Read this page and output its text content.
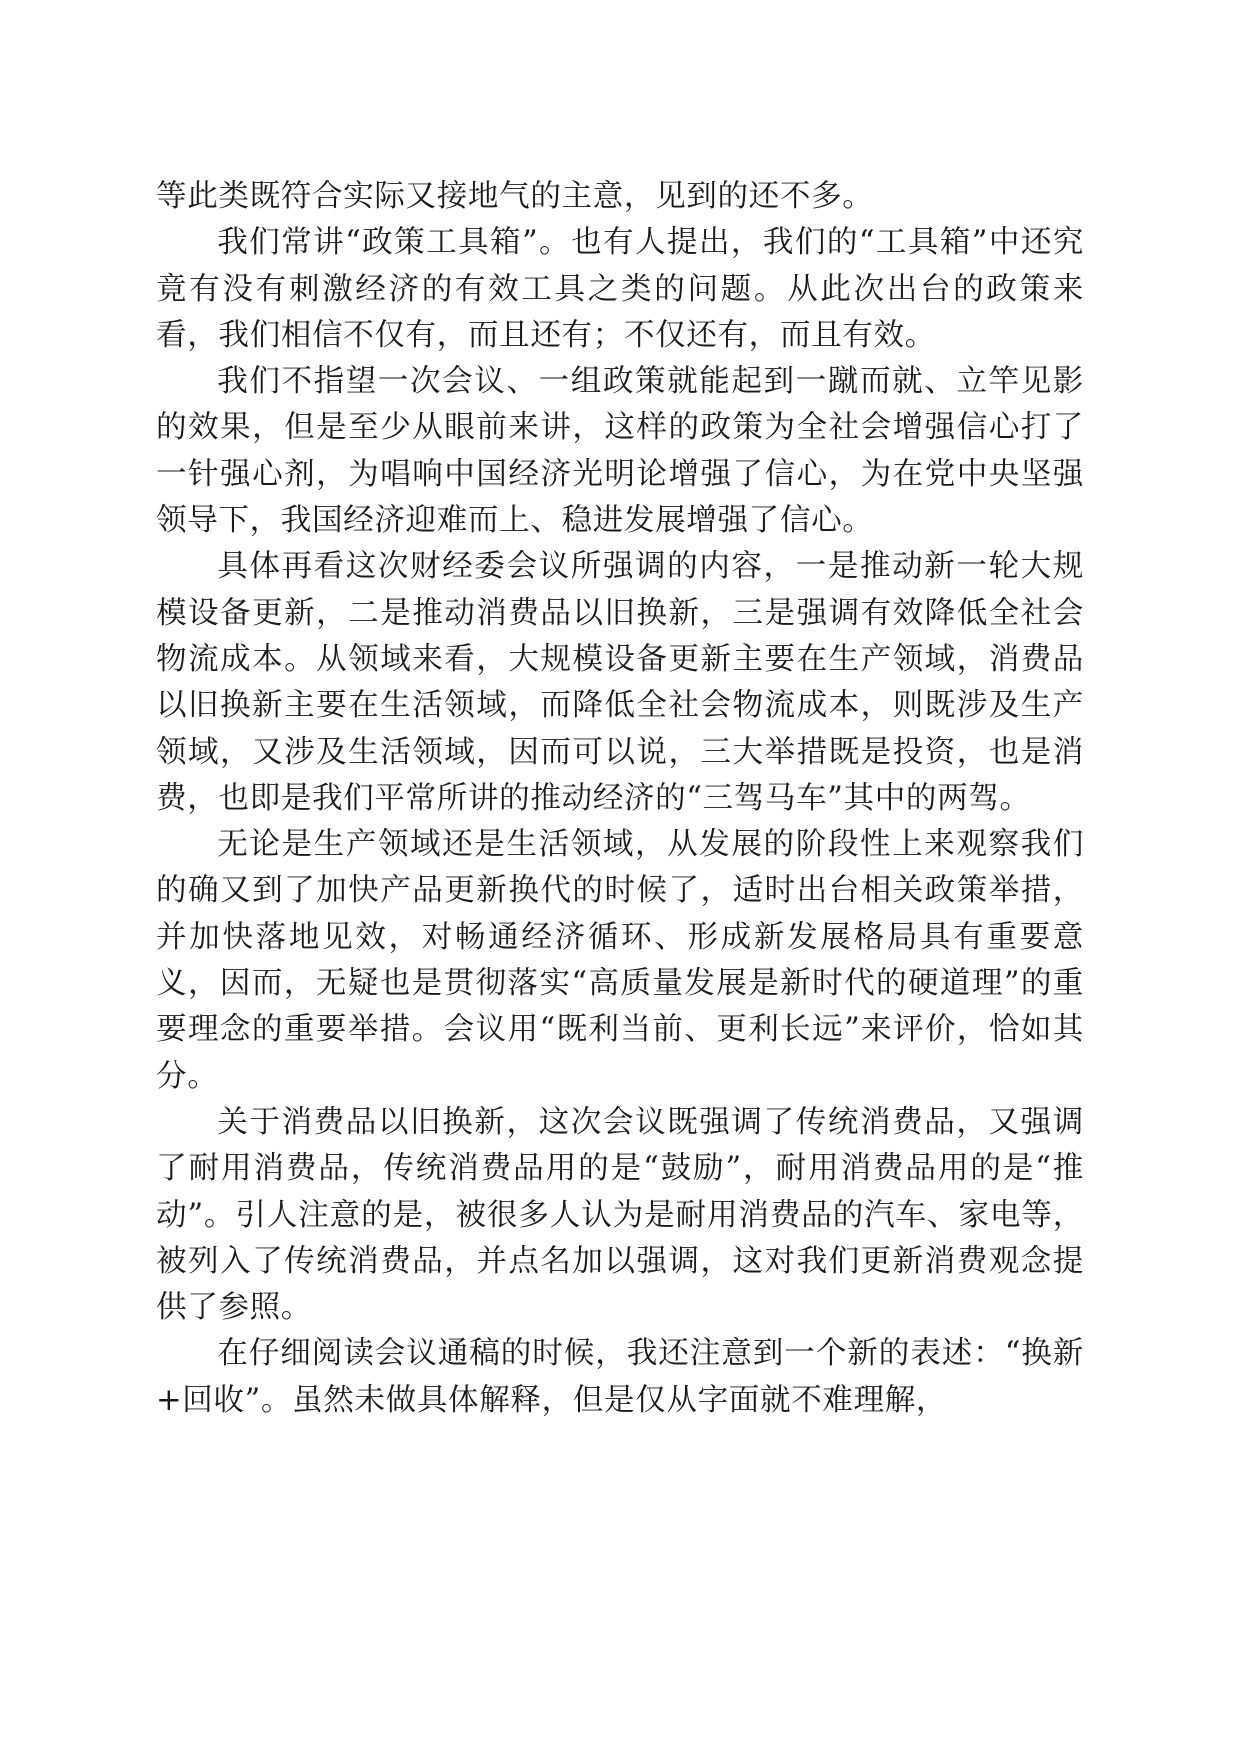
等此类既符合实际又接地气的主意，见到的还不多。

我们常讲“政策工具箱”。也有人提出，我们的“工具箱”中还究竟有没有刺激经济的有效工具之类的问题。从此次出台的政策来看，我们相信不仅有，而且还有；不仅还有，而且有效。

我们不指望一次会议、一组政策就能起到一蹴而就、立竿见影的效果，但是至少从眼前来讲，这样的政策为全社会增强信心打了一针强心剂，为唱响中国经济光明论增强了信心，为在党中央坚强领导下，我国经济迎难而上、稳进发展增强了信心。

具体再看这次财经委会议所强调的内容，一是推动新一轮大规模设备更新，二是推动消费品以旧换新，三是强调有效降低全社会物流成本。从领域来看，大规模设备更新主要在生产领域，消费品以旧换新主要在生活领域，而降低全社会物流成本，则既涉及生产领域，又涉及生活领域，因而可以说，三大举措既是投资，也是消费，也即是我们平常所讲的推动经济的“三驾马车”其中的两驾。

无论是生产领域还是生活领域，从发展的阶段性上来观察我们的确又到了加快产品更新换代的时候了，适时出台相关政策举措，并加快落地见效，对畅通经济循环、形成新发展格局具有重要意义，因而，无疑也是贯彻落实“高质量发展是新时代的硬道理”的重要理念的重要举措。会议用“既利当前、更利长远”来评价，恰如其分。

关于消费品以旧换新，这次会议既强调了传统消费品，又强调了耐用消费品，传统消费品用的是“鼓励”，耐用消费品用的是“推动”。引人注意的是，被很多人认为是耐用消费品的汽车、家电等，被列入了传统消费品，并点名加以强调，这对我们更新消费观念提供了参照。

在仔细阅读会议通稿的时候，我还注意到一个新的表述：“换新+回收”。虽然未做具体解释，但是仅从字面就不难理解，
